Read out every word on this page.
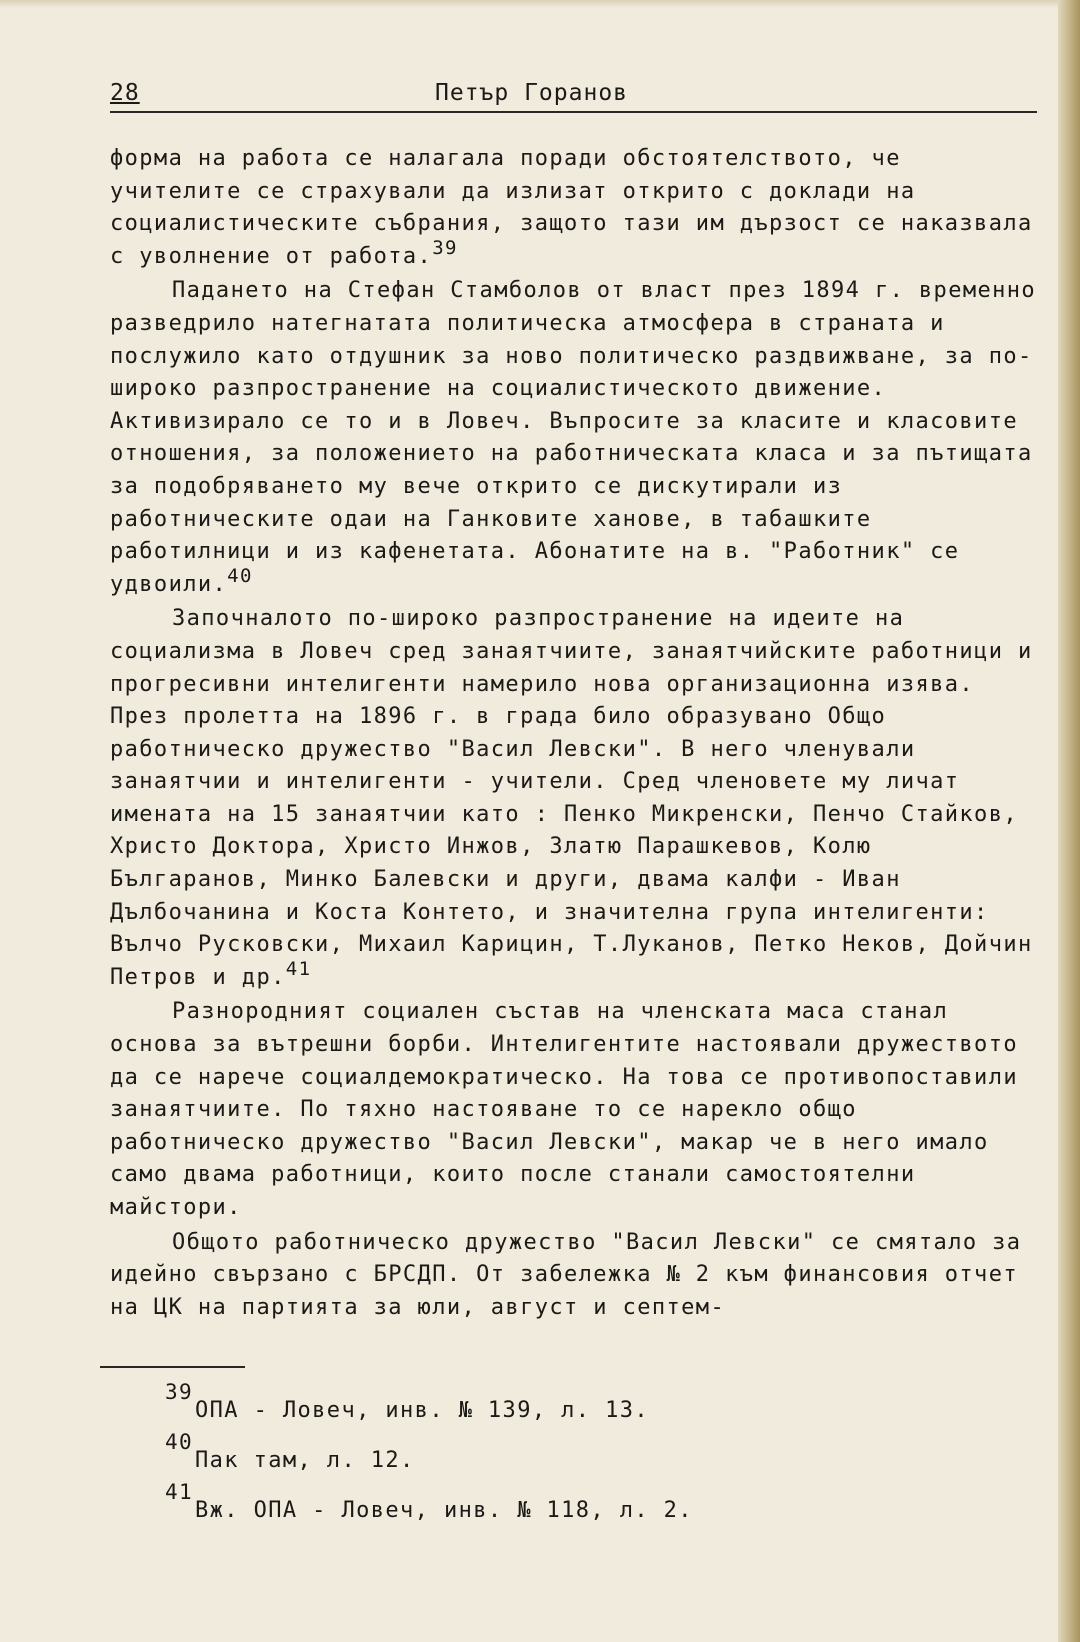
28	Петър Горанов

форма на работа се налагала поради обстоятелството, че учителите се страхували да излизат открито с доклади на социалистическите събрания, защото тази им дързост се наказвала с уволнение от работа.$^{39}$

Падането на Стефан Стамболов от власт през 1894 г. временно разведрило натегнатата политическа атмосфера в страната и послужило като отдушник за ново политическо раздвижване, за по-широко разпространение на социалистическото движение. Активизирало се то и в Ловеч. Въпросите за класите и класовите отношения, за положението на работническата класа и за пътищата за подобряването му вече открито се дискутирали из работническите одаи на Ганковите ханове, в табашките работилници и из кафенетата. Абонатите на в. "Работник" се удвоили.$^{40}$

Започналото по-широко разпространение на идеите на социализма в Ловеч сред занаятчиите, занаятчийските работници и прогресивни интелигенти намерило нова организационна изява. През пролетта на 1896 г. в града било образувано Общо работническо дружество "Васил Левски". В него членували занаятчии и интелигенти - учители. Сред членовете му личат имената на 15 занаятчии като : Пенко Микренски, Пенчо Стайков, Христо Доктора, Христо Инжов, Златю Парашкевов, Колю Българанов, Минко Балевски и други, двама калфи - Иван Дълбочанина и Коста Контето, и значителна група интелигенти: Вълчо Русковски, Михаил Карицин, Т.Луканов, Петко Неков, Дойчин Петров и др.$^{41}$

Разнородният социален състав на членската маса станал основа за вътрешни борби. Интелигентите настоявали дружеството да се нарече социалдемократическо. На това се противопоставили занаятчиите. По тяхно настояване то се нарекло общо работническо дружество "Васил Левски", макар че в него имало само двама работници, които после станали самостоятелни майстори.

Общото работническо дружество "Васил Левски" се смятало за идейно свързано с БРСДП. От забележка № 2 към финансовия отчет на ЦК на партията за юли, август и септем-

39
ОПА - Ловеч, инв. № 139, л. 13.
40
Пак там, л. 12.
41
Вж. ОПА - Ловеч, инв. № 118, л. 2.
